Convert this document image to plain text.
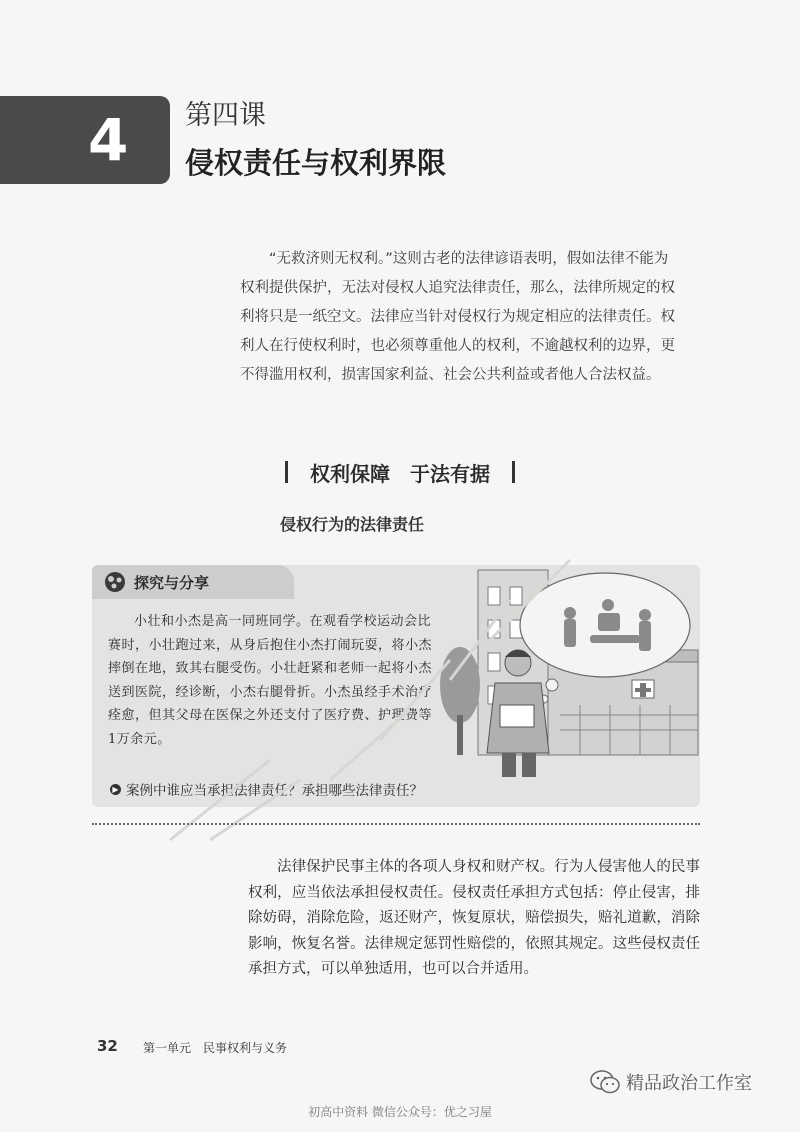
4 第四课
侵权责任与权利界限

“无救济则无权利。”这则古老的法律谚语表明，假如法律不能为权利提供保护，无法对侵权人追究法律责任，那么，法律所规定的权利将只是一纸空文。法律应当针对侵权行为规定相应的法律责任。权利人在行使权利时，也必须尊重他人的权利，不逾越权利的边界，更不得滥用权利，损害国家利益、社会公共利益或者他人合法权益。

权利保障　于法有据
侵权行为的法律责任
探究与分享

小壮和小杰是高一同班同学。在观看学校运动会比赛时，小壮跑过来，从身后抱住小杰打闹玩耍，将小杰摔倒在地，致其右腿受伤。小壮赶紧和老师一起将小杰送到医院，经诊断，小杰右腿骨折。小杰虽经手术治疗痊愈，但其父母在医保之外还支付了医疗费、护理费等1万余元。

▶ 案例中谁应当承担法律责任？承担哪些法律责任？

法律保护民事主体的各项人身权和财产权。行为人侵害他人的民事权利，应当依法承担侵权责任。侵权责任承担方式包括：停止侵害，排除妨碍，消除危险，返还财产，恢复原状，赔偿损失，赔礼道歉，消除影响，恢复名誉。法律规定惩罚性赔偿的，依照其规定。这些侵权责任承担方式，可以单独适用，也可以合并适用。

32 第一单元　民事权利与义务
精品政治工作室
初高中资料 微信公众号：优之习屋
